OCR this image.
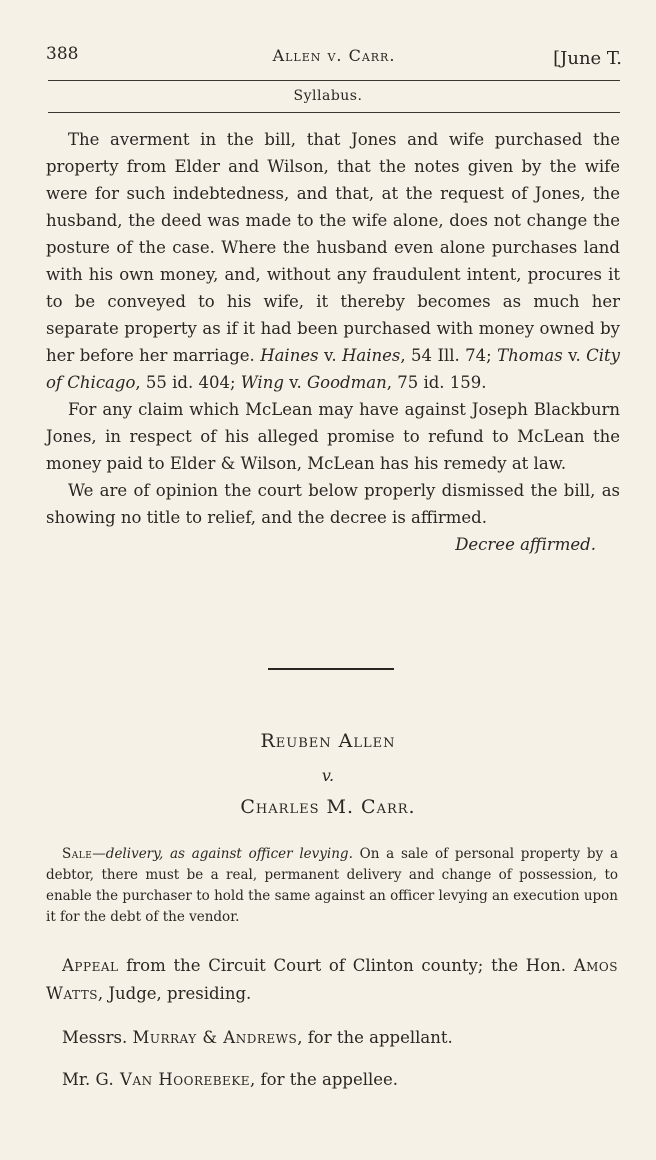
388	Allen v. Carr.	[June T.
Syllabus.

The averment in the bill, that Jones and wife purchased the property from Elder and Wilson, that the notes given by the wife were for such indebtedness, and that, at the request of Jones, the husband, the deed was made to the wife alone, does not change the posture of the case. Where the husband even alone purchases land with his own money, and, without any fraudulent intent, procures it to be conveyed to his wife, it thereby becomes as much her separate property as if it had been purchased with money owned by her before her marriage. Haines v. Haines, 54 Ill. 74; Thomas v. City of Chicago, 55 id. 404; Wing v. Goodman, 75 id. 159.

For any claim which McLean may have against Joseph Blackburn Jones, in respect of his alleged promise to refund to McLean the money paid to Elder & Wilson, McLean has his remedy at law.

We are of opinion the court below properly dismissed the bill, as showing no title to relief, and the decree is affirmed.

Decree affirmed.

Reuben Allen
v.
Charles M. Carr.
Sale—delivery, as against officer levying. On a sale of personal property by a debtor, there must be a real, permanent delivery and change of possession, to enable the purchaser to hold the same against an officer levying an execution upon it for the debt of the vendor.
Appeal from the Circuit Court of Clinton county; the Hon. Amos Watts, Judge, presiding.
Messrs. Murray & Andrews, for the appellant.
Mr. G. Van Hoorebeke, for the appellee.
